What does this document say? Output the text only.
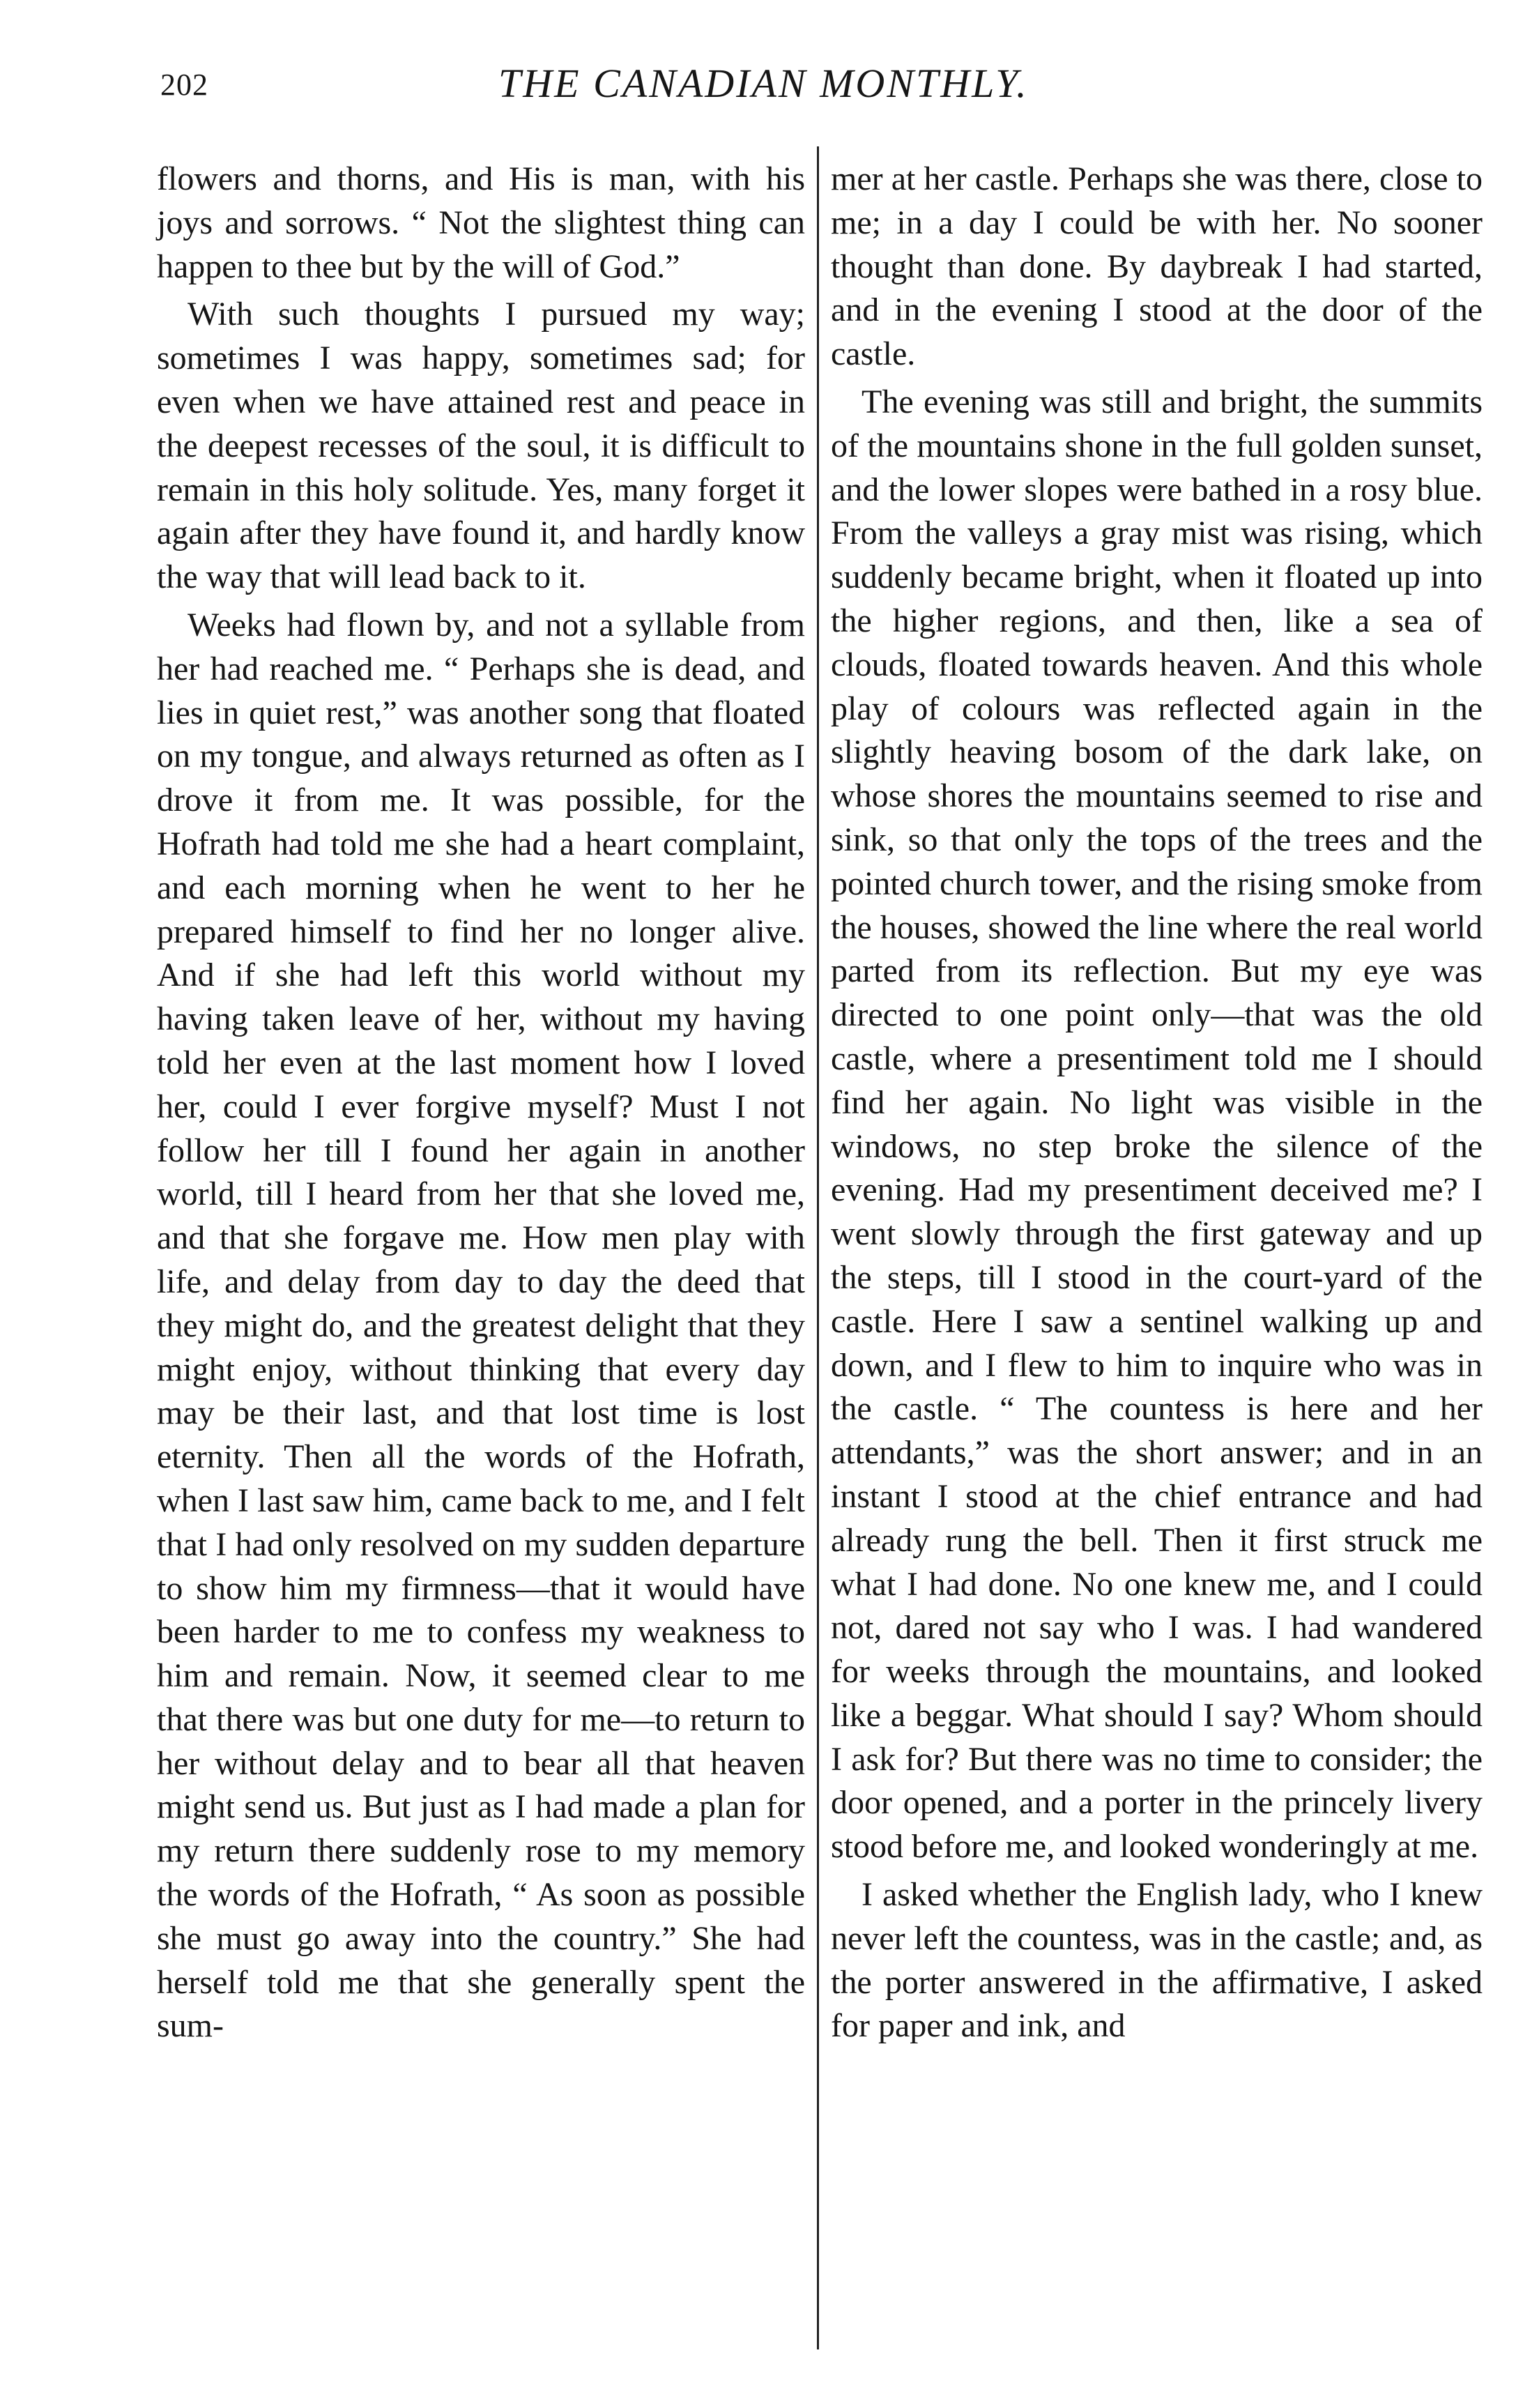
202	THE CANADIAN MONTHLY.

flowers and thorns, and His is man, with his joys and sorrows. “ Not the slightest thing can happen to thee but by the will of God.”

With such thoughts I pursued my way; sometimes I was happy, sometimes sad; for even when we have attained rest and peace in the deepest recesses of the soul, it is difficult to remain in this holy solitude. Yes, many forget it again after they have found it, and hardly know the way that will lead back to it.

Weeks had flown by, and not a syllable from her had reached me. “ Perhaps she is dead, and lies in quiet rest,” was another song that floated on my tongue, and always returned as often as I drove it from me. It was possible, for the Hofrath had told me she had a heart complaint, and each morning when he went to her he prepared himself to find her no longer alive. And if she had left this world without my having taken leave of her, without my having told her even at the last moment how I loved her, could I ever forgive myself? Must I not follow her till I found her again in another world, till I heard from her that she loved me, and that she forgave me. How men play with life, and delay from day to day the deed that they might do, and the greatest delight that they might enjoy, without thinking that every day may be their last, and that lost time is lost eternity. Then all the words of the Hofrath, when I last saw him, came back to me, and I felt that I had only resolved on my sudden departure to show him my firmness—that it would have been harder to me to confess my weakness to him and remain. Now, it seemed clear to me that there was but one duty for me—to return to her without delay and to bear all that heaven might send us. But just as I had made a plan for my return there suddenly rose to my memory the words of the Hofrath, “ As soon as possible she must go away into the country.” She had herself told me that she generally spent the sum-

mer at her castle. Perhaps she was there, close to me; in a day I could be with her. No sooner thought than done. By daybreak I had started, and in the evening I stood at the door of the castle.

The evening was still and bright, the summits of the mountains shone in the full golden sunset, and the lower slopes were bathed in a rosy blue. From the valleys a gray mist was rising, which suddenly became bright, when it floated up into the higher regions, and then, like a sea of clouds, floated towards heaven. And this whole play of colours was reflected again in the slightly heaving bosom of the dark lake, on whose shores the mountains seemed to rise and sink, so that only the tops of the trees and the pointed church tower, and the rising smoke from the houses, showed the line where the real world parted from its reflection. But my eye was directed to one point only—that was the old castle, where a presentiment told me I should find her again. No light was visible in the windows, no step broke the silence of the evening. Had my presentiment deceived me? I went slowly through the first gateway and up the steps, till I stood in the court-yard of the castle. Here I saw a sentinel walking up and down, and I flew to him to inquire who was in the castle. “ The countess is here and her attendants,” was the short answer; and in an instant I stood at the chief entrance and had already rung the bell. Then it first struck me what I had done. No one knew me, and I could not, dared not say who I was. I had wandered for weeks through the mountains, and looked like a beggar. What should I say? Whom should I ask for? But there was no time to consider; the door opened, and a porter in the princely livery stood before me, and looked wonderingly at me.

I asked whether the English lady, who I knew never left the countess, was in the castle; and, as the porter answered in the affirmative, I asked for paper and ink, and
